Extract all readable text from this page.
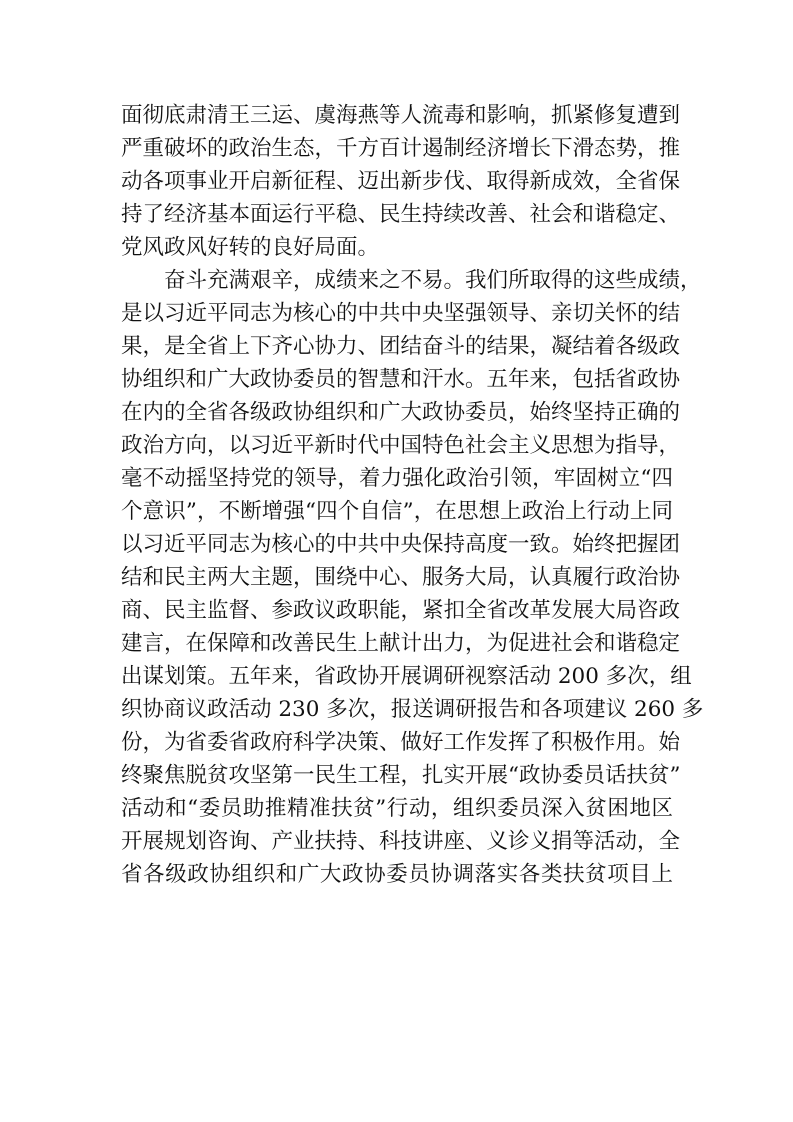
面彻底肃清王三运、虞海燕等人流毒和影响，抓紧修复遭到
严重破坏的政治生态，千方百计遏制经济增长下滑态势，推
动各项事业开启新征程、迈出新步伐、取得新成效，全省保
持了经济基本面运行平稳、民生持续改善、社会和谐稳定、
党风政风好转的良好局面。
奋斗充满艰辛，成绩来之不易。我们所取得的这些成绩，
是以习近平同志为核心的中共中央坚强领导、亲切关怀的结
果，是全省上下齐心协力、团结奋斗的结果，凝结着各级政
协组织和广大政协委员的智慧和汗水。五年来，包括省政协
在内的全省各级政协组织和广大政协委员，始终坚持正确的
政治方向，以习近平新时代中国特色社会主义思想为指导，
毫不动摇坚持党的领导，着力强化政治引领，牢固树立“四
个意识”，不断增强“四个自信”，在思想上政治上行动上同
以习近平同志为核心的中共中央保持高度一致。始终把握团
结和民主两大主题，围绕中心、服务大局，认真履行政治协
商、民主监督、参政议政职能，紧扣全省改革发展大局咨政
建言，在保障和改善民生上献计出力，为促进社会和谐稳定
出谋划策。五年来，省政协开展调研视察活动 200 多次，组
织协商议政活动 230 多次，报送调研报告和各项建议 260 多
份，为省委省政府科学决策、做好工作发挥了积极作用。始
终聚焦脱贫攻坚第一民生工程，扎实开展“政协委员话扶贫”
活动和“委员助推精准扶贫”行动，组织委员深入贫困地区
开展规划咨询、产业扶持、科技讲座、义诊义捐等活动，全
省各级政协组织和广大政协委员协调落实各类扶贫项目上
